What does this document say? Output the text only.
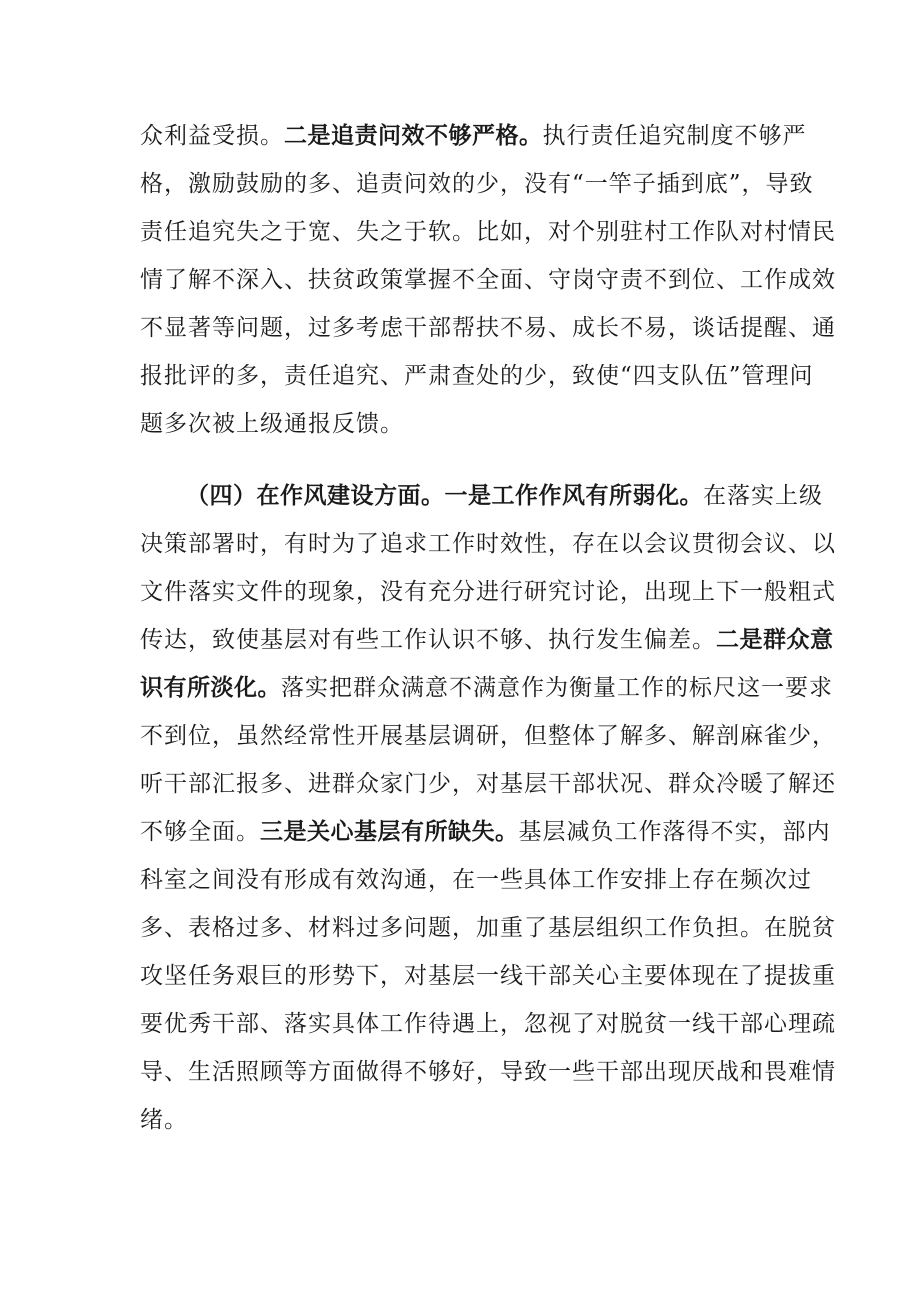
众利益受损。二是追责问效不够严格。执行责任追究制度不够严
格，激励鼓励的多、追责问效的少，没有“一竿子插到底”，导致
责任追究失之于宽、失之于软。比如，对个别驻村工作队对村情民
情了解不深入、扶贫政策掌握不全面、守岗守责不到位、工作成效
不显著等问题，过多考虑干部帮扶不易、成长不易，谈话提醒、通
报批评的多，责任追究、严肃查处的少，致使“四支队伍”管理问
题多次被上级通报反馈。
（四）在作风建设方面。一是工作作风有所弱化。在落实上级
决策部署时，有时为了追求工作时效性，存在以会议贯彻会议、以
文件落实文件的现象，没有充分进行研究讨论，出现上下一般粗式
传达，致使基层对有些工作认识不够、执行发生偏差。二是群众意
识有所淡化。落实把群众满意不满意作为衡量工作的标尺这一要求
不到位，虽然经常性开展基层调研，但整体了解多、解剖麻雀少，
听干部汇报多、进群众家门少，对基层干部状况、群众冷暖了解还
不够全面。三是关心基层有所缺失。基层减负工作落得不实，部内
科室之间没有形成有效沟通，在一些具体工作安排上存在频次过
多、表格过多、材料过多问题，加重了基层组织工作负担。在脱贫
攻坚任务艰巨的形势下，对基层一线干部关心主要体现在了提拔重
要优秀干部、落实具体工作待遇上，忽视了对脱贫一线干部心理疏
导、生活照顾等方面做得不够好，导致一些干部出现厌战和畏难情
绪。
